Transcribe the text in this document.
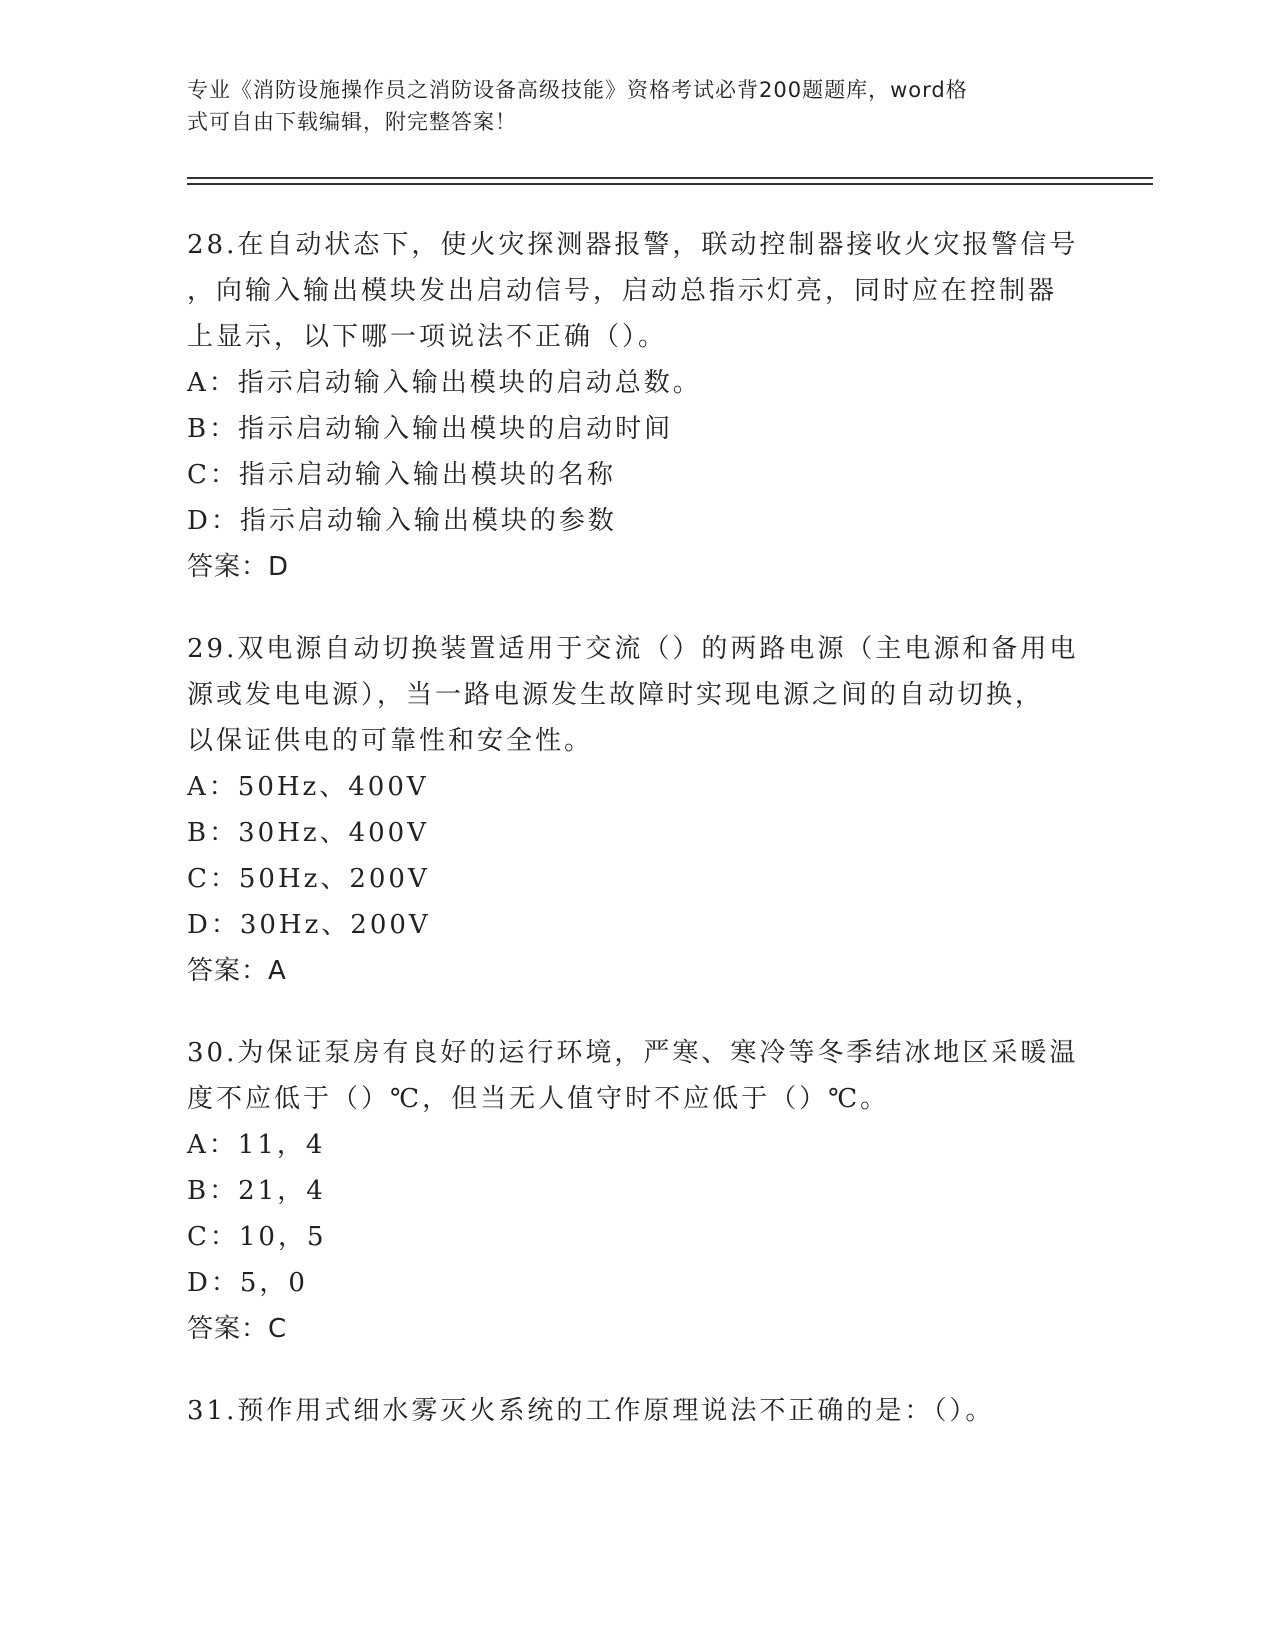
专业《消防设施操作员之消防设备高级技能》资格考试必背200题题库，word格
式可自由下载编辑，附完整答案！

28.在自动状态下，使火灾探测器报警，联动控制器接收火灾报警信号

，向输入输出模块发出启动信号，启动总指示灯亮，同时应在控制器

上显示，以下哪一项说法不正确（）。

A：指示启动输入输出模块的启动总数。

B：指示启动输入输出模块的启动时间

C：指示启动输入输出模块的名称

D：指示启动输入输出模块的参数

答案：D

29.双电源自动切换装置适用于交流（）的两路电源（主电源和备用电

源或发电电源），当一路电源发生故障时实现电源之间的自动切换，

以保证供电的可靠性和安全性。

A：50Hz、400V

B：30Hz、400V

C：50Hz、200V

D：30Hz、200V

答案：A

30.为保证泵房有良好的运行环境，严寒、寒冷等冬季结冰地区采暖温

度不应低于（）℃，但当无人值守时不应低于（）℃。

A：11，4

B：21，4

C：10，5

D：5，0

答案：C

31.预作用式细水雾灭火系统的工作原理说法不正确的是：（）。
